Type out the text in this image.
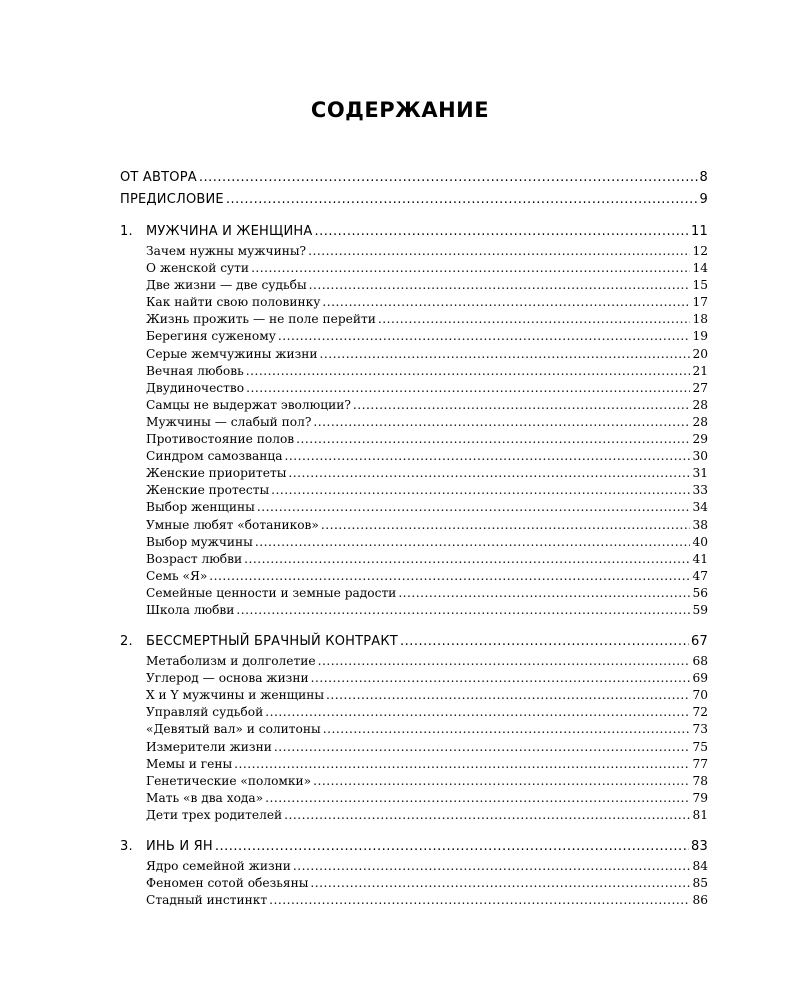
СОДЕРЖАНИЕ
ОТ АВТОРА .....	8
ПРЕДИСЛОВИЕ .....	9
1.	МУЖЧИНА И ЖЕНЩИНА .....	11
Зачем нужны мужчины? .....	12
О женской сути .....	14
Две жизни — две судьбы .....	15
Как найти свою половинку .....	17
Жизнь прожить — не поле перейти .....	18
Берегиня суженому .....	19
Серые жемчужины жизни .....	20
Вечная любовь .....	21
Двудиночество .....	27
Самцы не выдержат эволюции? .....	28
Мужчины — слабый пол? .....	28
Противостояние полов .....	29
Синдром самозванца .....	30
Женские приоритеты .....	31
Женские протесты .....	33
Выбор женщины .....	34
Умные любят «ботаников» .....	38
Выбор мужчины .....	40
Возраст любви .....	41
Семь «Я» .....	47
Семейные ценности и земные радости .....	56
Школа любви .....	59
2.	БЕССМЕРТНЫЙ БРАЧНЫЙ КОНТРАКТ .....	67
Метаболизм и долголетие .....	68
Углерод — основа жизни .....	69
X и Y мужчины и женщины .....	70
Управляй судьбой .....	72
«Девятый вал» и солитоны .....	73
Измерители жизни .....	75
Мемы и гены .....	77
Генетические «поломки» .....	78
Мать «в два хода» .....	79
Дети трех родителей .....	81
3.	ИНЬ И ЯН .....	83
Ядро семейной жизни .....	84
Феномен сотой обезьяны .....	85
Стадный инстинкт .....	86
